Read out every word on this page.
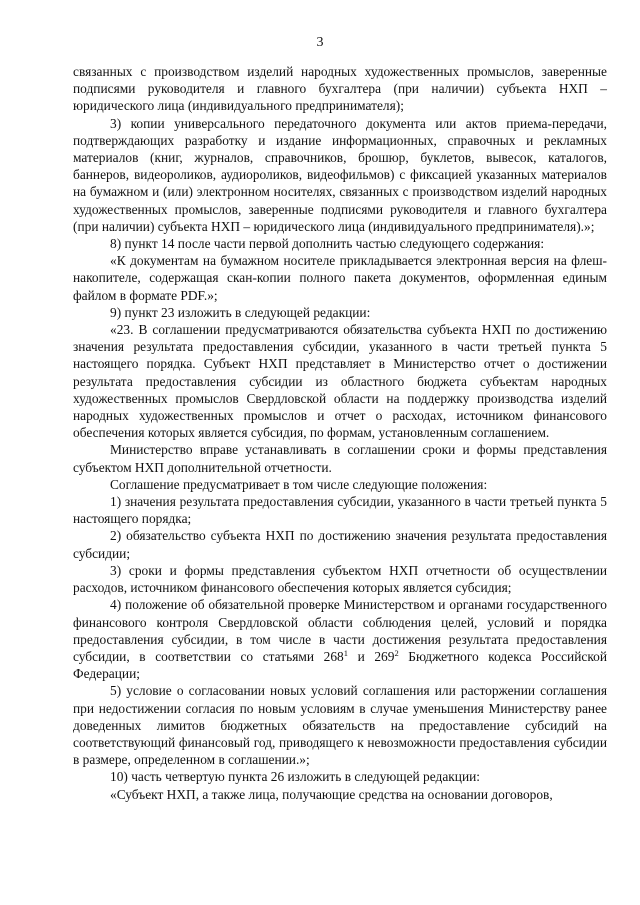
3

связанных с производством изделий народных художественных промыслов, заверенные подписями руководителя и главного бухгалтера (при наличии) субъекта НХП – юридического лица (индивидуального предпринимателя);

3) копии универсального передаточного документа или актов приема-передачи, подтверждающих разработку и издание информационных, справочных и рекламных материалов (книг, журналов, справочников, брошюр, буклетов, вывесок, каталогов, баннеров, видеороликов, аудиороликов, видеофильмов) с фиксацией указанных материалов на бумажном и (или) электронном носителях, связанных с производством изделий народных художественных промыслов, заверенные подписями руководителя и главного бухгалтера (при наличии) субъекта НХП – юридического лица (индивидуального предпринимателя).»;

8) пункт 14 после части первой дополнить частью следующего содержания:

«К документам на бумажном носителе прикладывается электронная версия на флеш-накопителе, содержащая скан-копии полного пакета документов, оформленная единым файлом в формате PDF.»;

9) пункт 23 изложить в следующей редакции:

«23. В соглашении предусматриваются обязательства субъекта НХП по достижению значения результата предоставления субсидии, указанного в части третьей пункта 5 настоящего порядка. Субъект НХП представляет в Министерство отчет о достижении результата предоставления субсидии из областного бюджета субъектам народных художественных промыслов Свердловской области на поддержку производства изделий народных художественных промыслов и отчет о расходах, источником финансового обеспечения которых является субсидия, по формам, установленным соглашением.

Министерство вправе устанавливать в соглашении сроки и формы представления субъектом НХП дополнительной отчетности.

Соглашение предусматривает в том числе следующие положения:

1) значения результата предоставления субсидии, указанного в части третьей пункта 5 настоящего порядка;

2) обязательство субъекта НХП по достижению значения результата предоставления субсидии;

3) сроки и формы представления субъектом НХП отчетности об осуществлении расходов, источником финансового обеспечения которых является субсидия;

4) положение об обязательной проверке Министерством и органами государственного финансового контроля Свердловской области соблюдения целей, условий и порядка предоставления субсидии, в том числе в части достижения результата предоставления субсидии, в соответствии со статьями $268^1$ и $269^2$ Бюджетного кодекса Российской Федерации;

5) условие о согласовании новых условий соглашения или расторжении соглашения при недостижении согласия по новым условиям в случае уменьшения Министерству ранее доведенных лимитов бюджетных обязательств на предоставление субсидий на соответствующий финансовый год, приводящего к невозможности предоставления субсидии в размере, определенном в соглашении.»;

10) часть четвертую пункта 26 изложить в следующей редакции:

«Субъект НХП, а также лица, получающие средства на основании договоров,
